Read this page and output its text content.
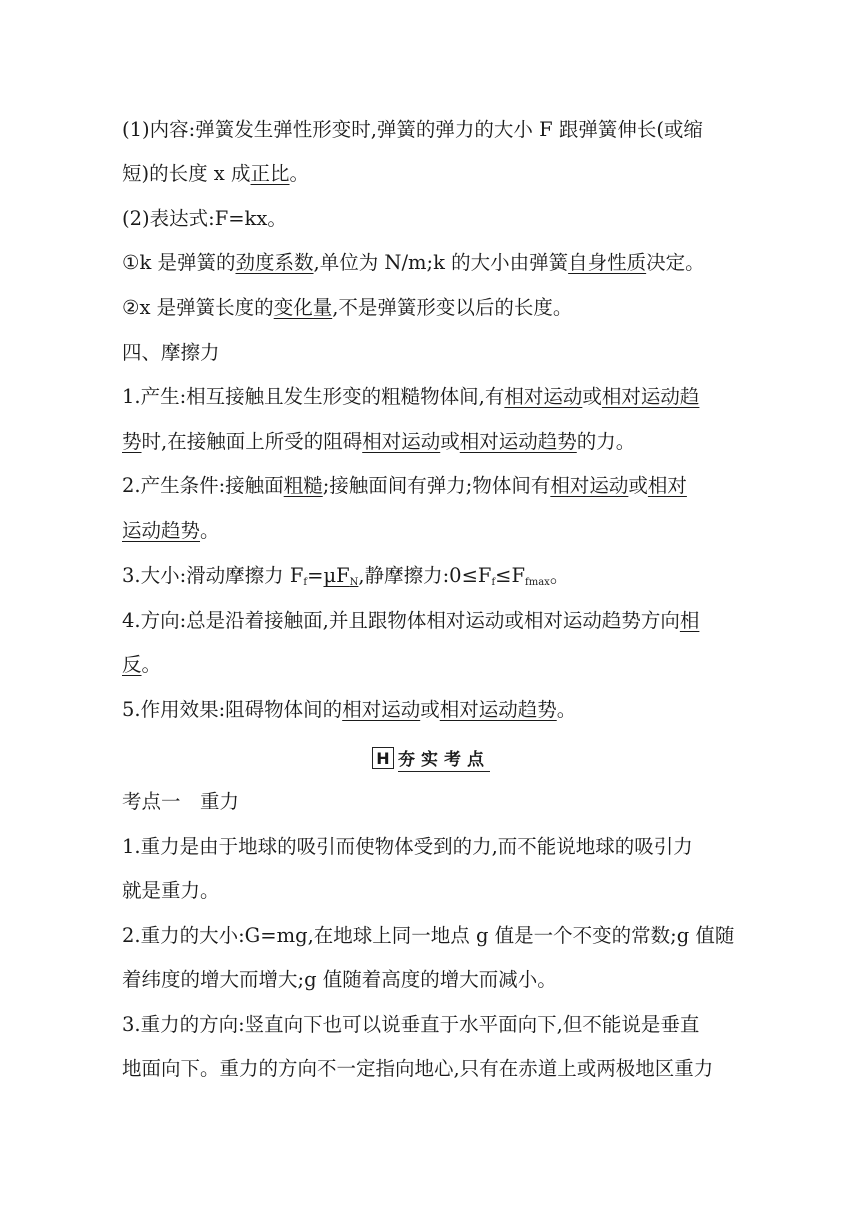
(1)内容:弹簧发生弹性形变时,弹簧的弹力的大小 F 跟弹簧伸长(或缩
短)的长度 x 成正比。
(2)表达式:F=kx。
①k 是弹簧的劲度系数,单位为 N/m;k 的大小由弹簧自身性质决定。
②x 是弹簧长度的变化量,不是弹簧形变以后的长度。
四、摩擦力
1.产生:相互接触且发生形变的粗糙物体间,有相对运动或相对运动趋
势时,在接触面上所受的阻碍相对运动或相对运动趋势的力。
2.产生条件:接触面粗糙;接触面间有弹力;物体间有相对运动或相对
运动趋势。
3.大小:滑动摩擦力 $F_f=\mu F_N$,静摩擦力$:0\le F_f\le F_{fmax}$。
4.方向:总是沿着接触面,并且跟物体相对运动或相对运动趋势方向相
反。
5.作用效果:阻碍物体间的相对运动或相对运动趋势。
H 夯实考点
考点一　重力
1.重力是由于地球的吸引而使物体受到的力,而不能说地球的吸引力
就是重力。
2.重力的大小:G=mg,在地球上同一地点 g 值是一个不变的常数;g 值随
着纬度的增大而增大;g 值随着高度的增大而减小。
3.重力的方向:竖直向下也可以说垂直于水平面向下,但不能说是垂直
地面向下。重力的方向不一定指向地心,只有在赤道上或两极地区重力
